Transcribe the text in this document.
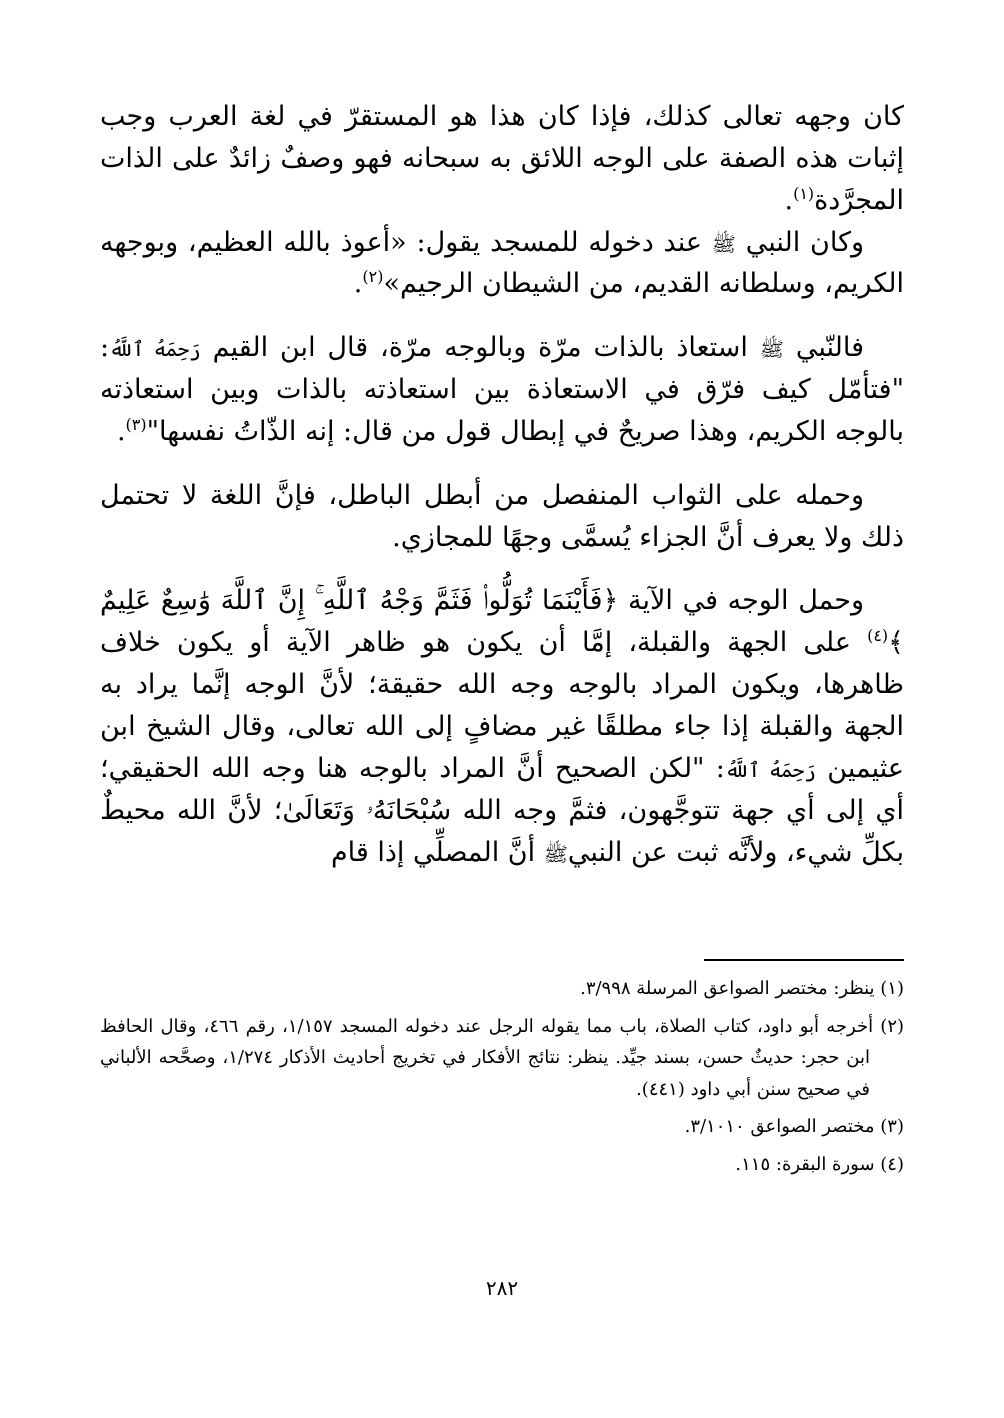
كان وجهه تعالى كذلك، فإذا كان هذا هو المستقرّ في لغة العرب وجب إثبات هذه الصفة على الوجه اللائق به سبحانه فهو وصفٌ زائدٌ على الذات المجرَّدة$^{(١)}$.

وكان النبي ﷺ عند دخوله للمسجد يقول: «أعوذ بالله العظيم، وبوجهه الكريم، وسلطانه القديم، من الشيطان الرجيم»$^{(٢)}$.

فالنّبي ﷺ استعاذ بالذات مرّة وبالوجه مرّة، قال ابن القيم رَحِمَهُ ٱللَّهُ: "فتأمّل كيف فرّق في الاستعاذة بين استعاذته بالذات وبين استعاذته بالوجه الكريم، وهذا صريحٌ في إبطال قول من قال: إنه الذّاتُ نفسها"$^{(٣)}$.

وحمله على الثواب المنفصل من أبطل الباطل، فإنَّ اللغة لا تحتمل ذلك ولا يعرف أنَّ الجزاء يُسمَّى وجهًا للمجازي.

وحمل الوجه في الآية ﴿فَأَيْنَمَا تُوَلُّوا۟ فَثَمَّ وَجْهُ ٱللَّهِ ۚ إِنَّ ٱللَّهَ وَٰسِعٌ عَلِيمٌ ﴾$^{(٤)}$ على الجهة والقبلة، إمَّا أن يكون هو ظاهر الآية أو يكون خلاف ظاهرها، ويكون المراد بالوجه وجه الله حقيقة؛ لأنَّ الوجه إنَّما يراد به الجهة والقبلة إذا جاء مطلقًا غير مضافٍ إلى الله تعالى، وقال الشيخ ابن عثيمين رَحِمَهُ ٱللَّهُ: "لكن الصحيح أنَّ المراد بالوجه هنا وجه الله الحقيقي؛ أي إلى أي جهة تتوجَّهون، فثمَّ وجه الله سُبْحَانَهُۥ وَتَعَالَىٰ؛ لأنَّ الله محيطٌ بكلِّ شيء، ولأنَّه ثبت عن النبيﷺ أنَّ المصلِّي إذا قام

(١) ينظر: مختصر الصواعق المرسلة ٣/٩٩٨.

(٢) أخرجه أبو داود، كتاب الصلاة، باب مما يقوله الرجل عند دخوله المسجد ١/١٥٧، رقم ٤٦٦، وقال الحافظ ابن حجر: حديثٌ حسن، بسند جيِّد. ينظر: نتائج الأفكار في تخريج أحاديث الأذكار ١/٢٧٤، وصحَّحه الألباني في صحيح سنن أبي داود (٤٤١).

(٣) مختصر الصواعق ٣/١٠١٠.

(٤) سورة البقرة: ١١٥.

٢٨٢
